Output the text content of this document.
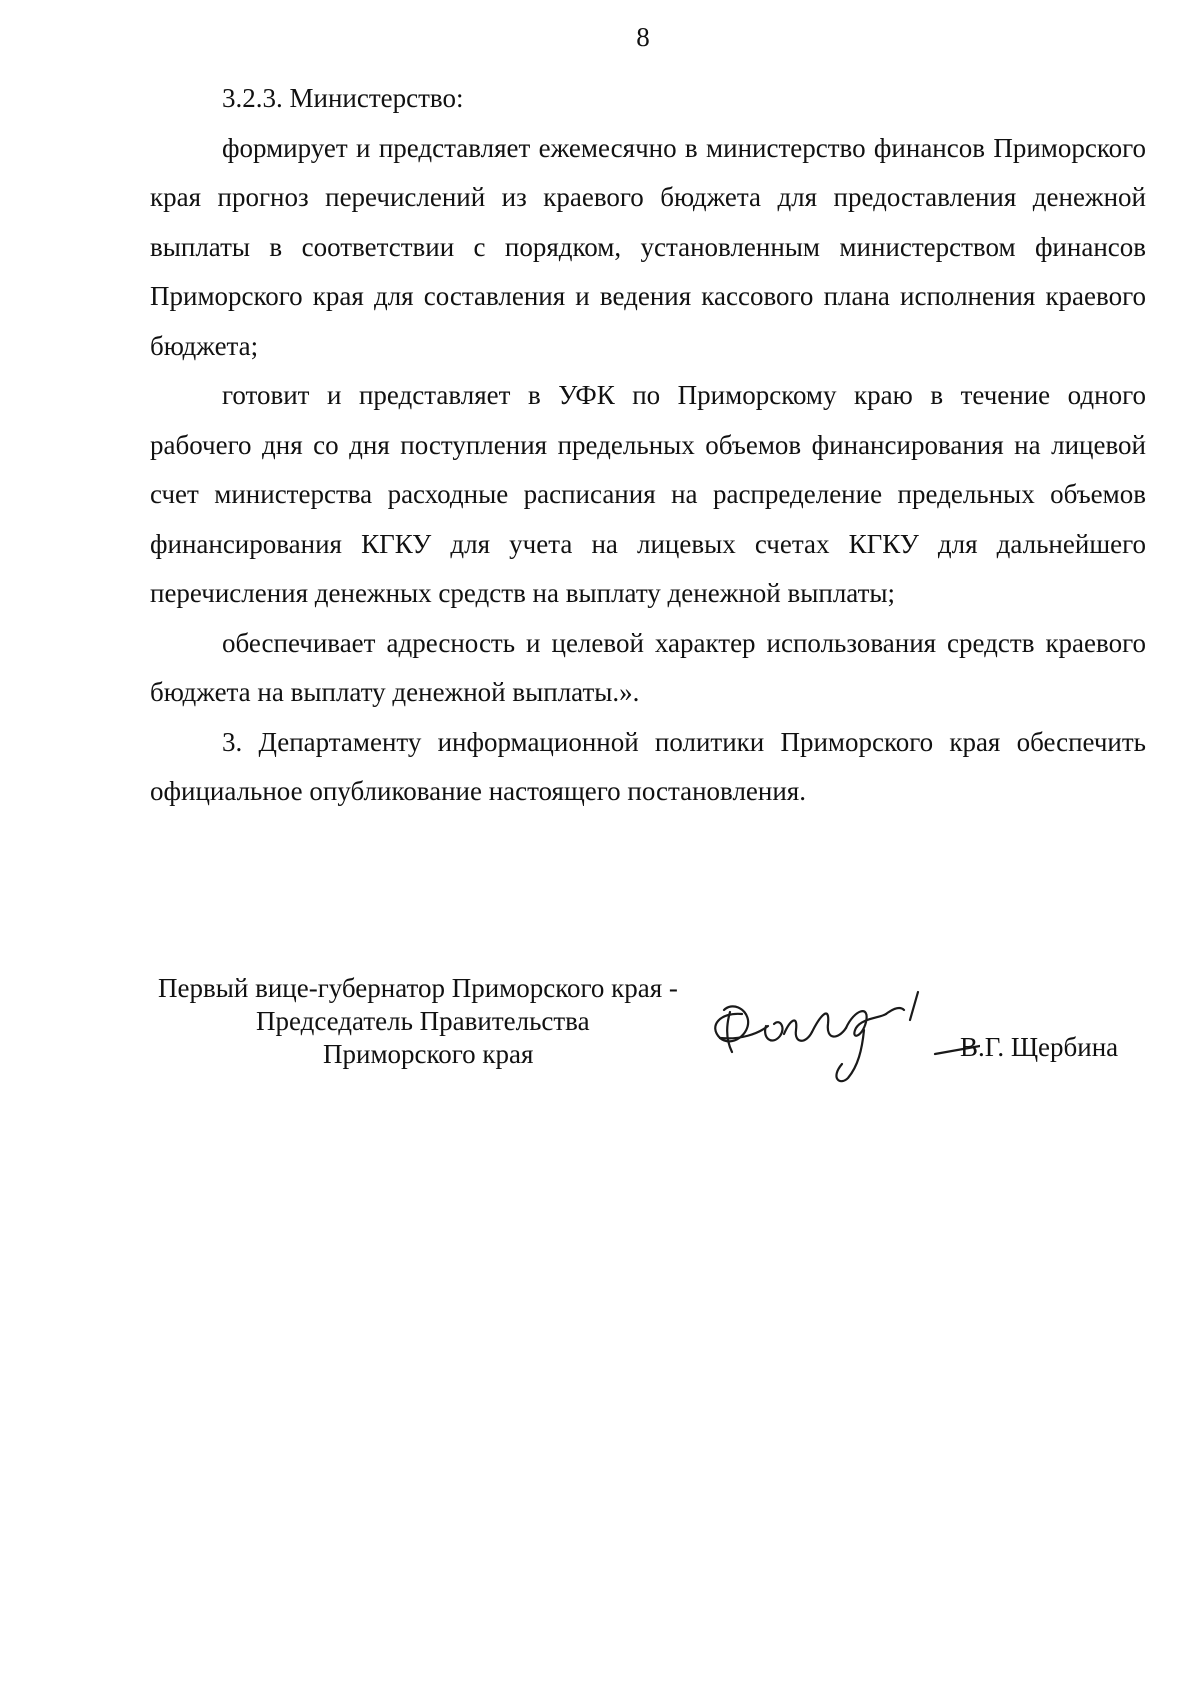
8

3.2.3. Министерство:

формирует и представляет ежемесячно в министерство финансов Приморского края прогноз перечислений из краевого бюджета для предоставления денежной выплаты в соответствии с порядком, установленным министерством финансов Приморского края для составления и ведения кассового плана исполнения краевого бюджета;

готовит и представляет в УФК по Приморскому краю в течение одного рабочего дня со дня поступления предельных объемов финансирования на лицевой счет министерства расходные расписания на распределение предельных объемов финансирования КГКУ для учета на лицевых счетах КГКУ для дальнейшего перечисления денежных средств на выплату денежной выплаты;

обеспечивает адресность и целевой характер использования средств краевого бюджета на выплату денежной выплаты.».

3. Департаменту информационной политики Приморского края обеспечить официальное опубликование настоящего постановления.

Первый вице-губернатор Приморского края -
Председатель Правительства
Приморского края	В.Г. Щербина
